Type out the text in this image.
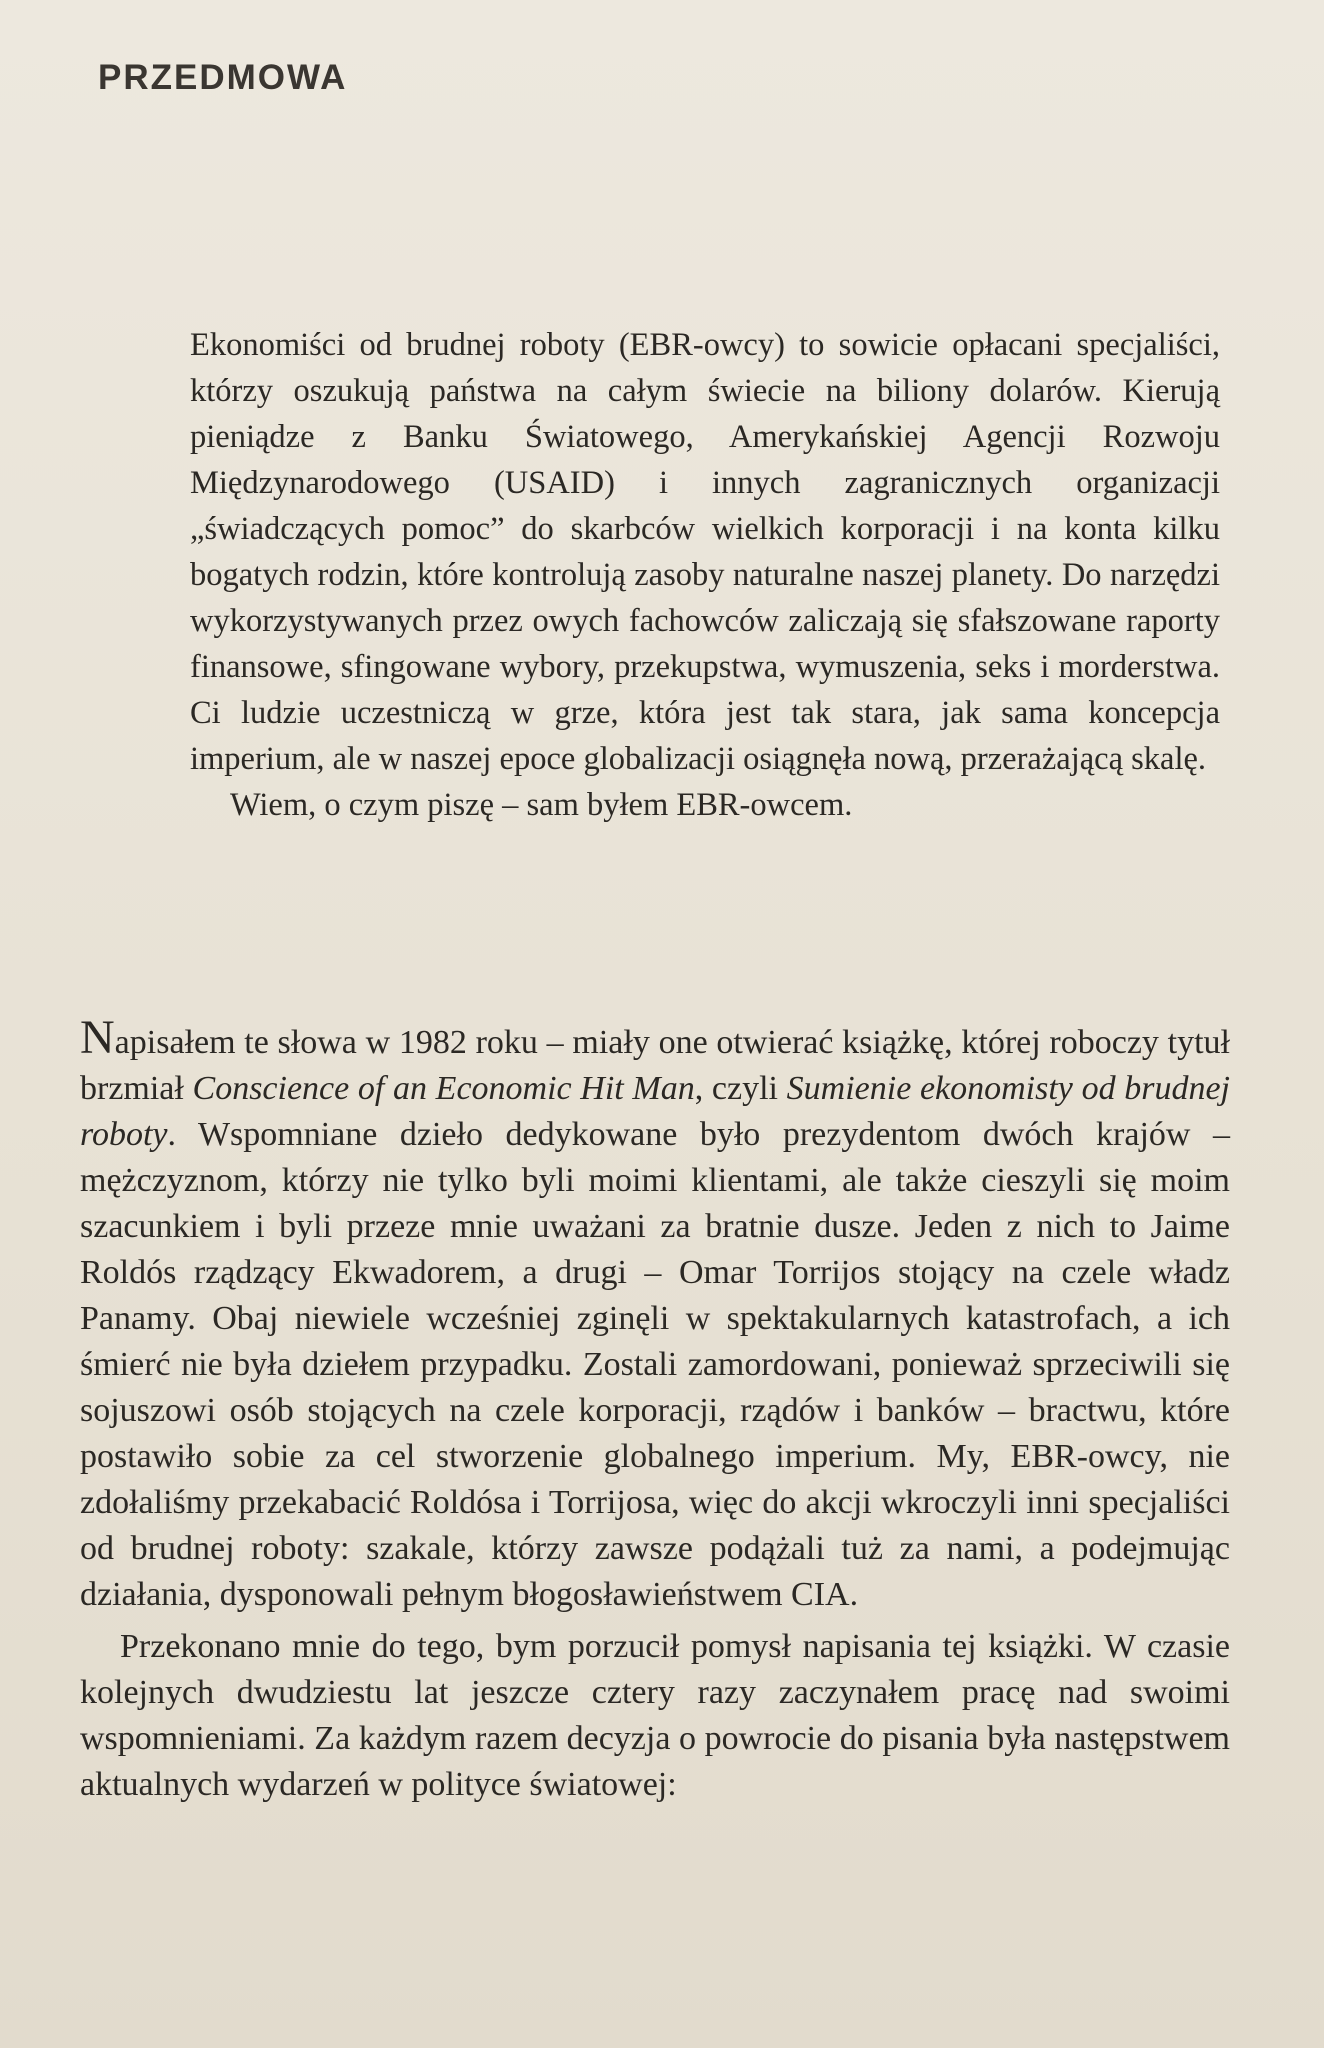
PRZEDMOWA

Ekonomiści od brudnej roboty (EBR-owcy) to sowicie opłacani specjaliści, którzy oszukują państwa na całym świecie na biliony dolarów. Kierują pieniądze z Banku Światowego, Amerykańskiej Agencji Rozwoju Międzynarodowego (USAID) i innych zagranicznych organizacji „świadczących pomoc” do skarbców wielkich korporacji i na konta kilku bogatych rodzin, które kontrolują zasoby naturalne naszej planety. Do narzędzi wykorzystywanych przez owych fachowców zaliczają się sfałszowane raporty finansowe, sfingowane wybory, przekupstwa, wymuszenia, seks i morderstwa. Ci ludzie uczestniczą w grze, która jest tak stara, jak sama koncepcja imperium, ale w naszej epoce globalizacji osiągnęła nową, przerażającą skalę.

Wiem, o czym piszę – sam byłem EBR-owcem.

Napisałem te słowa w 1982 roku – miały one otwierać książkę, której roboczy tytuł brzmiał Conscience of an Economic Hit Man, czyli Sumienie ekonomisty od brudnej roboty. Wspomniane dzieło dedykowane było prezydentom dwóch krajów – mężczyznom, którzy nie tylko byli moimi klientami, ale także cieszyli się moim szacunkiem i byli przeze mnie uważani za bratnie dusze. Jeden z nich to Jaime Roldós rządzący Ekwadorem, a drugi – Omar Torrijos stojący na czele władz Panamy. Obaj niewiele wcześniej zginęli w spektakularnych katastrofach, a ich śmierć nie była dziełem przypadku. Zostali zamordowani, ponieważ sprzeciwili się sojuszowi osób stojących na czele korporacji, rządów i banków – bractwu, które postawiło sobie za cel stworzenie globalnego imperium. My, EBR-owcy, nie zdołaliśmy przekabacić Roldósa i Torrijosa, więc do akcji wkroczyli inni specjaliści od brudnej roboty: szakale, którzy zawsze podążali tuż za nami, a podejmując działania, dysponowali pełnym błogosławieństwem CIA.

Przekonano mnie do tego, bym porzucił pomysł napisania tej książki. W czasie kolejnych dwudziestu lat jeszcze cztery razy zaczynałem pracę nad swoimi wspomnieniami. Za każdym razem decyzja o powrocie do pisania była następstwem aktualnych wydarzeń w polityce światowej:
